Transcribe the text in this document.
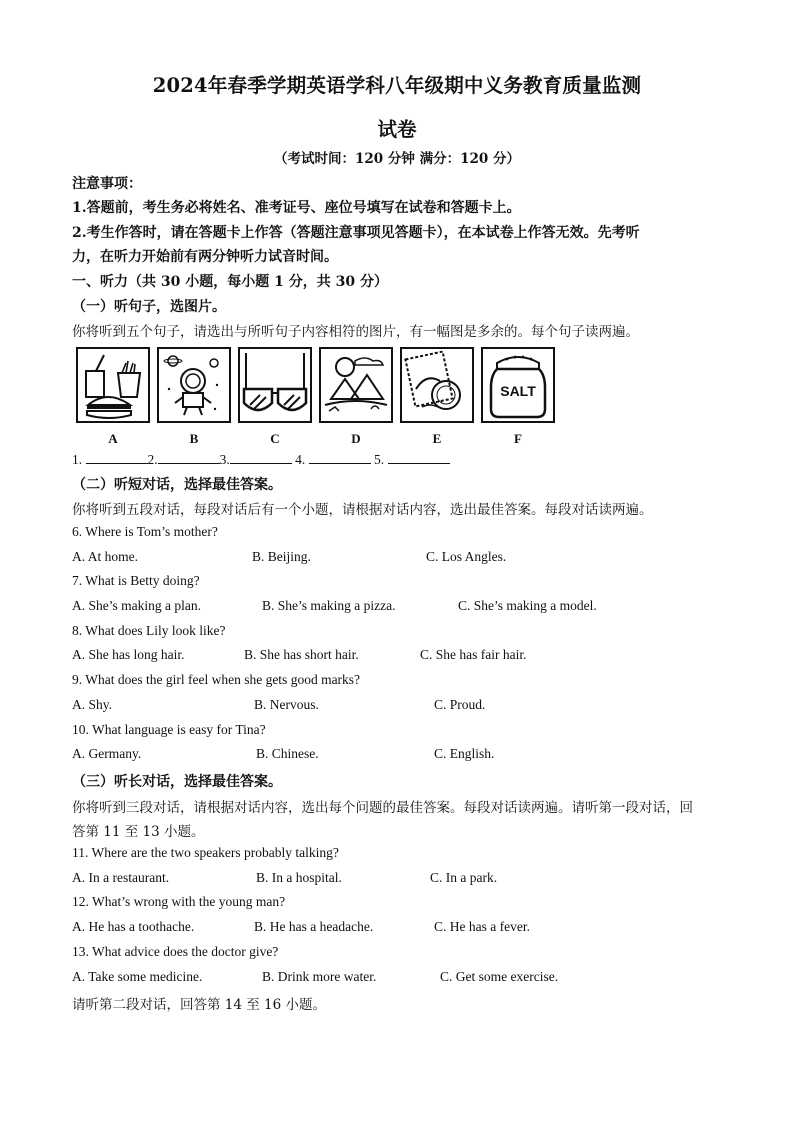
2024年春季学期英语学科八年级期中义务教育质量监测
试卷
（考试时间：120 分钟 满分：120 分）
注意事项：
1.答题前，考生务必将姓名、准考证号、座位号填写在试卷和答题卡上。
2.考生作答时，请在答题卡上作答（答题注意事项见答题卡），在本试卷上作答无效。先考听
力，在听力开始前有两分钟听力试音时间。
一、听力（共 30 小题，每小题 1 分，共 30 分）
（一）听句子，选图片。
你将听到五个句子，请选出与所听句子内容相符的图片，有一幅图是多余的。每个句子读两遍。
A	B	C	D	E
SALT
F
1.	2.	3.	4.	5.
（二）听短对话，选择最佳答案。
你将听到五段对话，每段对话后有一个小题，请根据对话内容，选出最佳答案。每段对话读两遍。
6. Where is Tom’s mother?
A. At home.	B. Beijing.	C. Los Angles.
7. What is Betty doing?
A. She’s making a plan.	B. She’s making a pizza.	C. She’s making a model.
8. What does Lily look like?
A. She has long hair.	B. She has short hair.	C. She has fair hair.
9. What does the girl feel when she gets good marks?
A. Shy.	B. Nervous.	C. Proud.
10. What language is easy for Tina?
A. Germany.	B. Chinese.	C. English.
（三）听长对话，选择最佳答案。
你将听到三段对话，请根据对话内容，选出每个问题的最佳答案。每段对话读两遍。请听第一段对话，回
答第 11 至 13 小题。
11. Where are the two speakers probably talking?
A. In a restaurant.	B. In a hospital.	C. In a park.
12. What’s wrong with the young man?
A. He has a toothache.	B. He has a headache.	C. He has a fever.
13. What advice does the doctor give?
A. Take some medicine.	B. Drink more water.	C. Get some exercise.
请听第二段对话，回答第 14 至 16 小题。
